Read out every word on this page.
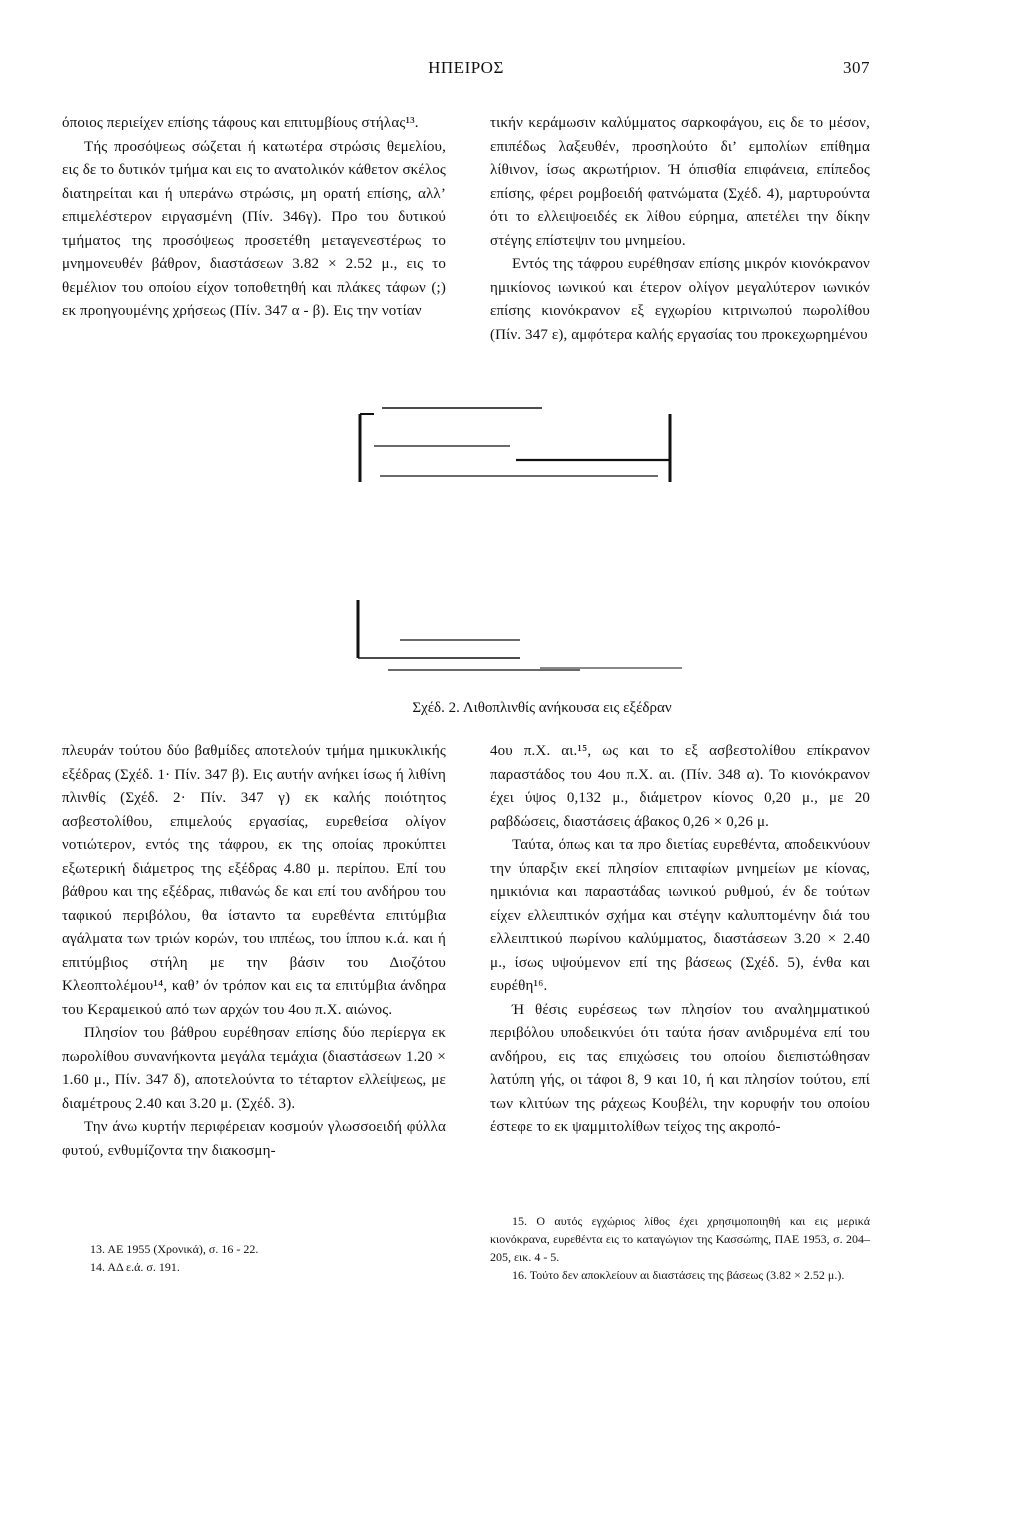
ΗΠΕΙΡΟΣ	307

όποιος περιείχεν επίσης τάφους και επιτυμβίους στήλας¹³.

Τής προσόψεως σώζεται ή κατωτέρα στρώσις θεμελίου, εις δε το δυτικόν τμήμα και εις το ανατολικόν κάθετον σκέλος διατηρείται και ή υπεράνω στρώσις, μη ορατή επίσης, αλλ’ επιμελέστερον ειργασμένη (Πίν. 346γ). Προ του δυτικού τμήματος της προσόψεως προσετέθη μεταγενεστέρως το μνημονευθέν βάθρον, διαστάσεων 3.82 × 2.52 μ., εις το θεμέλιον του οποίου είχον τοποθετηθή και πλάκες τάφων (;) εκ προηγουμένης χρήσεως (Πίν. 347 α - β). Εις την νοτίαν

τικήν κεράμωσιν καλύμματος σαρκοφάγου, εις δε το μέσον, επιπέδως λαξευθέν, προσηλούτο δι’ εμπολίων επίθημα λίθινον, ίσως ακρωτήριον. Ή όπισθία επιφάνεια, επίπεδος επίσης, φέρει ρομβοειδή φατνώματα (Σχέδ. 4), μαρτυρούντα ότι το ελλειψοειδές εκ λίθου εύρημα, απετέλει την δίκην στέγης επίστεψιν του μνημείου.

Εντός της τάφρου ευρέθησαν επίσης μικρόν κιονόκρανον ημικίονος ιωνικού και έτερον ολίγον μεγαλύτερον ιωνικόν επίσης κιονόκρανον εξ εγχωρίου κιτρινωπού πωρολίθου (Πίν. 347 ε), αμφότερα καλής εργασίας του προκεχωρημένου

Σχέδ. 2. Λιθοπλινθίς ανήκουσα εις εξέδραν

πλευράν τούτου δύο βαθμίδες αποτελούν τμήμα ημικυκλικής εξέδρας (Σχέδ. 1· Πίν. 347 β). Εις αυτήν ανήκει ίσως ή λιθίνη πλινθίς (Σχέδ. 2· Πίν. 347 γ) εκ καλής ποιότητος ασβεστολίθου, επιμελούς εργασίας, ευρεθείσα ολίγον νοτιώτερον, εντός της τάφρου, εκ της οποίας προκύπτει εξωτερική διάμετρος της εξέδρας 4.80 μ. περίπου. Επί του βάθρου και της εξέδρας, πιθανώς δε και επί του ανδήρου του ταφικού περιβόλου, θα ίσταντο τα ευρεθέντα επιτύμβια αγάλματα των τριών κορών, του ιππέως, του ίππου κ.ά. και ή επιτύμβιος στήλη με την βάσιν του Διοζότου Κλεοπτολέμου¹⁴, καθ’ όν τρόπον και εις τα επιτύμβια άνδηρα του Κεραμεικού από των αρχών του 4ου π.Χ. αιώνος.

Πλησίον του βάθρου ευρέθησαν επίσης δύο περίεργα εκ πωρολίθου συνανήκοντα μεγάλα τεμάχια (διαστάσεων 1.20 × 1.60 μ., Πίν. 347 δ), αποτελούντα το τέταρτον ελλείψεως, με διαμέτρους 2.40 και 3.20 μ. (Σχέδ. 3).

Την άνω κυρτήν περιφέρειαν κοσμούν γλωσσοειδή φύλλα φυτού, ενθυμίζοντα την διακοσμη-

4ου π.Χ. αι.¹⁵, ως και το εξ ασβεστολίθου επίκρανον παραστάδος του 4ου π.Χ. αι. (Πίν. 348 α). Το κιονόκρανον έχει ύψος 0,132 μ., διάμετρον κίονος 0,20 μ., με 20 ραβδώσεις, διαστάσεις άβακος 0,26 × 0,26 μ.

Ταύτα, όπως και τα προ διετίας ευρεθέντα, αποδεικνύουν την ύπαρξιν εκεί πλησίον επιταφίων μνημείων με κίονας, ημικιόνια και παραστάδας ιωνικού ρυθμού, έν δε τούτων είχεν ελλειπτικόν σχήμα και στέγην καλυπτομένην διά του ελλειπτικού πωρίνου καλύμματος, διαστάσεων 3.20 × 2.40 μ., ίσως υψούμενον επί της βάσεως (Σχέδ. 5), ένθα και ευρέθη¹⁶.

Ή θέσις ευρέσεως των πλησίον του αναλημματικού περιβόλου υποδεικνύει ότι ταύτα ήσαν ανιδρυμένα επί του ανδήρου, εις τας επιχώσεις του οποίου διεπιστώθησαν λατύπη γής, οι τάφοι 8, 9 και 10, ή και πλησίον τούτου, επί των κλιτύων της ράχεως Κουβέλι, την κορυφήν του οποίου έστεφε το εκ ψαμμιτολίθων τείχος της ακροπό-

13. ΑΕ 1955 (Χρονικά), σ. 16 - 22.

14. ΑΔ ε.ά. σ. 191.

15. Ο αυτός εγχώριος λίθος έχει χρησιμοποιηθή και εις μερικά κιονόκρανα, ευρεθέντα εις το καταγώγιον της Κασσώπης, ΠΑΕ 1953, σ. 204–205, εικ. 4 - 5.

16. Τούτο δεν αποκλείουν αι διαστάσεις της βάσεως (3.82 × 2.52 μ.).
